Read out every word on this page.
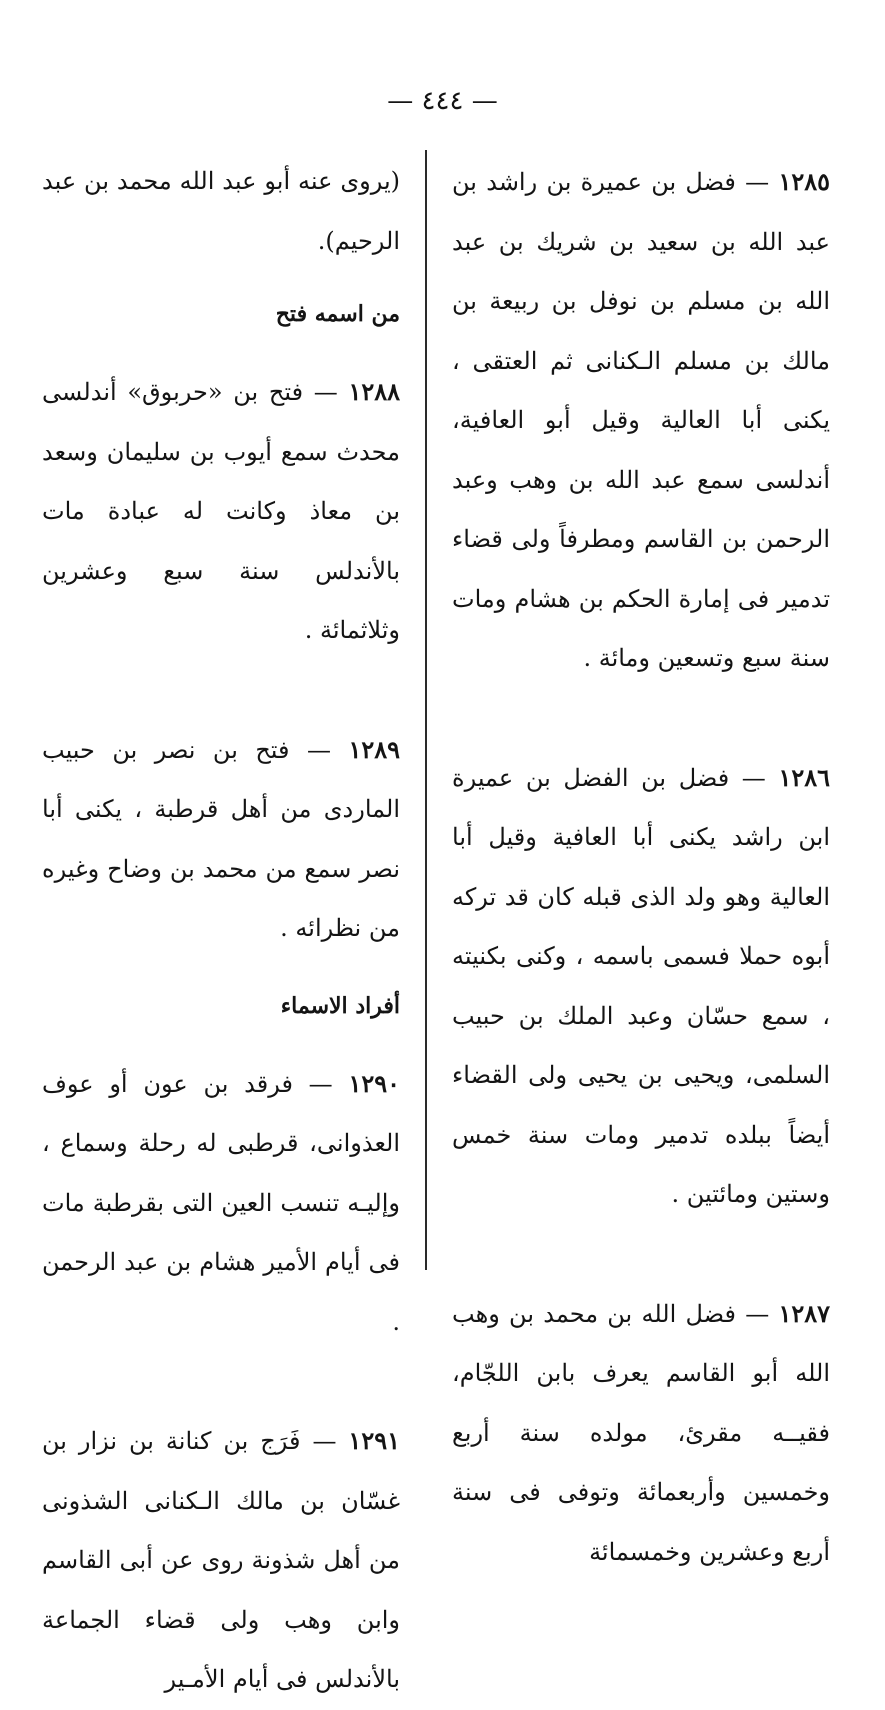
— ٤٤٤ —

١٢٨٥ — فضل بن عميرة بن راشد بن عبد الله بن سعيد بن شريك بن عبد الله بن مسلم بن نوفل بن ربيعة بن مالك بن مسلم الـكنانى ثم العتقى ، يكنى أبا العالية وقيل أبو العافية، أندلسى سمع عبد الله بن وهب وعبد الرحمن بن القاسم ومطرفاً ولى قضاء تدمير فى إمارة الحكم بن هشام ومات سنة سبع وتسعين ومائة .

١٢٨٦ — فضل بن الفضل بن عميرة ابن راشد يكنى أبا العافية وقيل أبا العالية وهو ولد الذى قبله كان قد تركه أبوه حملا فسمى باسمه ، وكنى بكنيته ، سمع حسّان وعبد الملك بن حبيب السلمى، ويحيى بن يحيى ولى القضاء أيضاً ببلده تدمير ومات سنة خمس وستين ومائتين .

١٢٨٧ — فضل الله بن محمد بن وهب الله أبو القاسم يعرف بابن اللجّام، فقيــه مقرئ، مولده سنة أربع وخمسين وأربعمائة وتوفى فى سنة أربع وعشرين وخمسمائة

(يروى عنه أبو عبد الله محمد بن عبد الرحيم).

من اسمه فتح

١٢٨٨ — فتح بن «حربوق» أندلسى محدث سمع أيوب بن سليمان وسعد بن معاذ وكانت له عبادة مات بالأندلس سنة سبع وعشرين وثلاثمائة .

١٢٨٩ — فتح بن نصر بن حبيب الماردى من أهل قرطبة ، يكنى أبا نصر سمع من محمد بن وضاح وغيره من نظرائه .

أفراد الاسماء

١٢٩٠ — فرقد بن عون أو عوف العذوانى، قرطبى له رحلة وسماع ، وإليـه تنسب العين التى بقرطبة مات فى أيام الأمير هشام بن عبد الرحمن .

١٢٩١ — فَرَج بن كنانة بن نزار بن غسّان بن مالك الـكنانى الشذونى من أهل شذونة روى عن أبى القاسم وابن وهب ولى قضاء الجماعة بالأندلس فى أيام الأمـير
